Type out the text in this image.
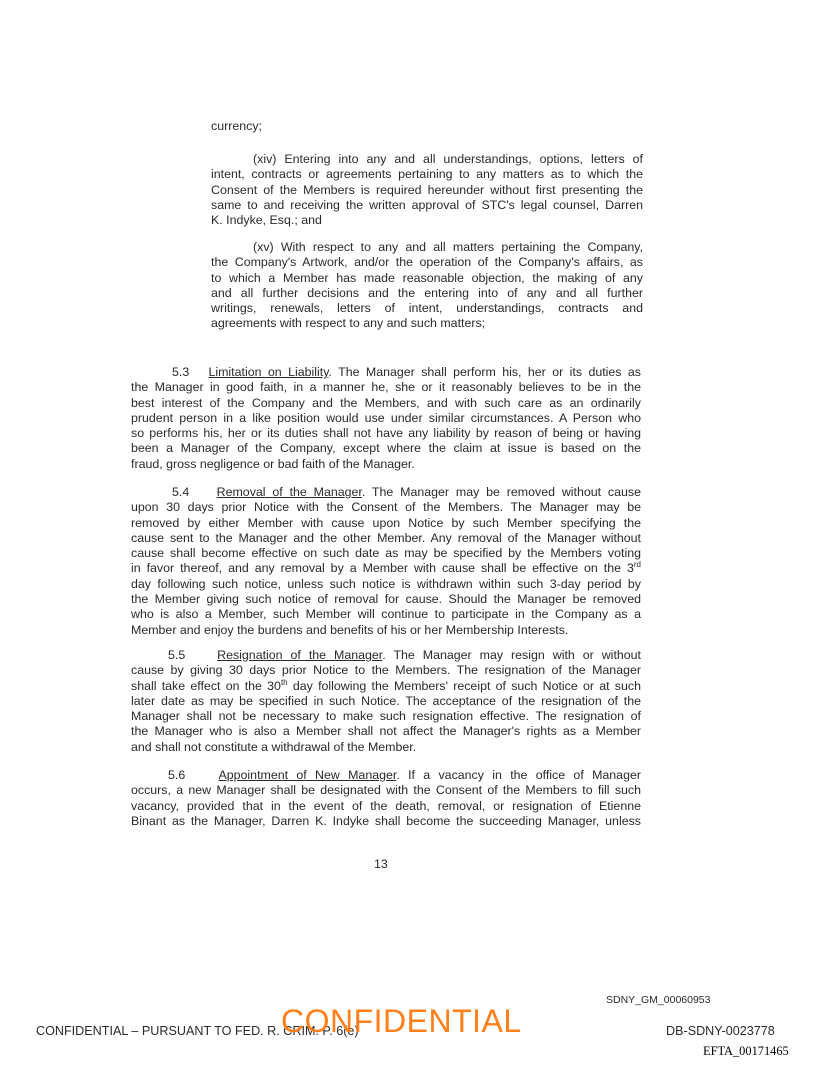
currency;
(xiv) Entering into any and all understandings, options, letters of
intent, contracts or agreements pertaining to any matters as to which the
Consent of the Members is required hereunder without first presenting the
same to and receiving the written approval of STC's legal counsel, Darren
K. Indyke, Esq.; and
(xv) With respect to any and all matters pertaining the Company,
the Company's Artwork, and/or the operation of the Company's affairs, as
to which a Member has made reasonable objection, the making of any
and all further decisions and the entering into of any and all further
writings, renewals, letters of intent, understandings, contracts and
agreements with respect to any and such matters;
5.3 Limitation on Liability. The Manager shall perform his, her or its duties as
the Manager in good faith, in a manner he, she or it reasonably believes to be in the
best interest of the Company and the Members, and with such care as an ordinarily
prudent person in a like position would use under similar circumstances. A Person who
so performs his, her or its duties shall not have any liability by reason of being or having
been a Manager of the Company, except where the claim at issue is based on the
fraud, gross negligence or bad faith of the Manager.
5.4 Removal of the Manager. The Manager may be removed without cause
upon 30 days prior Notice with the Consent of the Members. The Manager may be
removed by either Member with cause upon Notice by such Member specifying the
cause sent to the Manager and the other Member. Any removal of the Manager without
cause shall become effective on such date as may be specified by the Members voting
in favor thereof, and any removal by a Member with cause shall be effective on the 3rd
day following such notice, unless such notice is withdrawn within such 3-day period by
the Member giving such notice of removal for cause. Should the Manager be removed
who is also a Member, such Member will continue to participate in the Company as a
Member and enjoy the burdens and benefits of his or her Membership Interests.
5.5	Resignation of the Manager. The Manager may resign with or without
cause by giving 30 days prior Notice to the Members. The resignation of the Manager
shall take effect on the 30th day following the Members' receipt of such Notice or at such
later date as may be specified in such Notice. The acceptance of the resignation of the
Manager shall not be necessary to make such resignation effective. The resignation of
the Manager who is also a Member shall not affect the Manager's rights as a Member
and shall not constitute a withdrawal of the Member.
5.6	Appointment of New Manager. If a vacancy in the office of Manager
occurs, a new Manager shall be designated with the Consent of the Members to fill such
vacancy, provided that in the event of the death, removal, or resignation of Etienne
Binant as the Manager, Darren K. Indyke shall become the succeeding Manager, unless
13
SDNY_GM_00060953
CONFIDENTIAL – PURSUANT TO FED. R. CRIM. P. 6(e)
CONFIDENTIAL	DB-SDNY-0023778
EFTA_00171465
